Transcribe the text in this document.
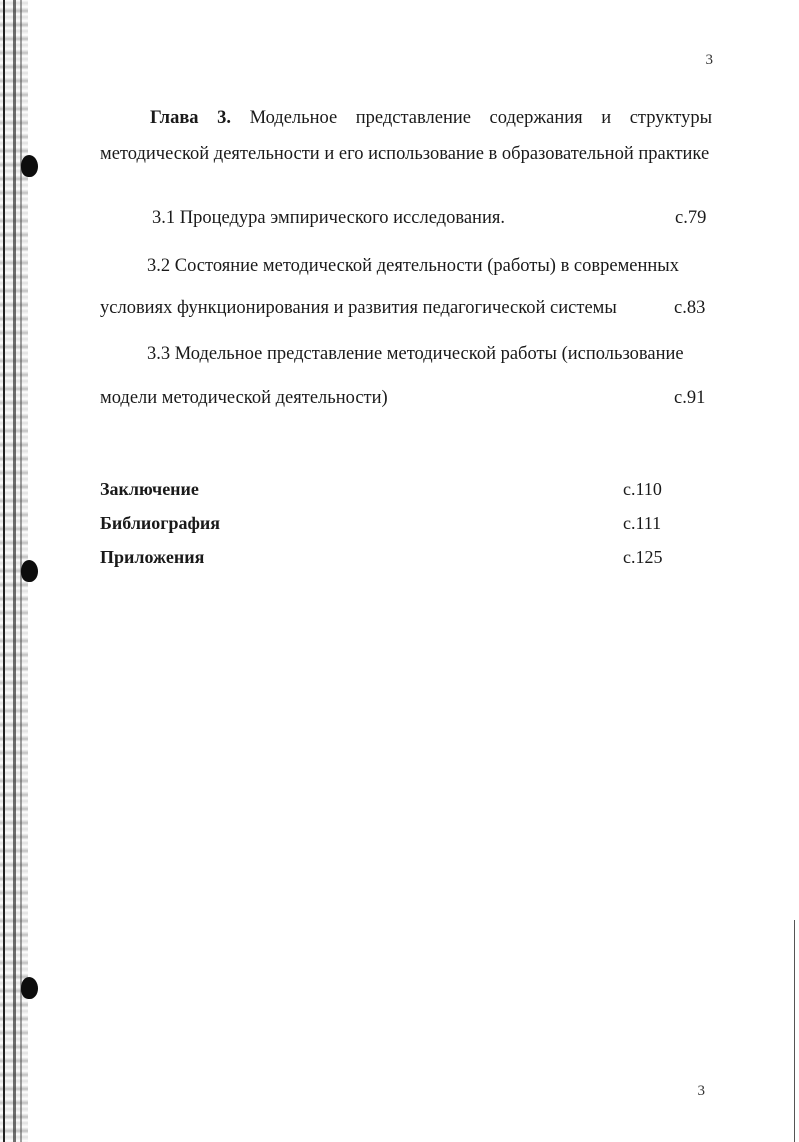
3
Глава 3. Модельное представление содержания и структуры методической деятельности и его использование в образовательной практике
3.1 Процедура эмпирического исследования.	с.79
3.2 Состояние методической деятельности (работы) в современных
условиях функционирования и развития педагогической системы	с.83
3.3 Модельное представление методической работы (использование
модели методической деятельности)	с.91
Заключение	с.110
Библиография	с.111
Приложения	с.125
3
